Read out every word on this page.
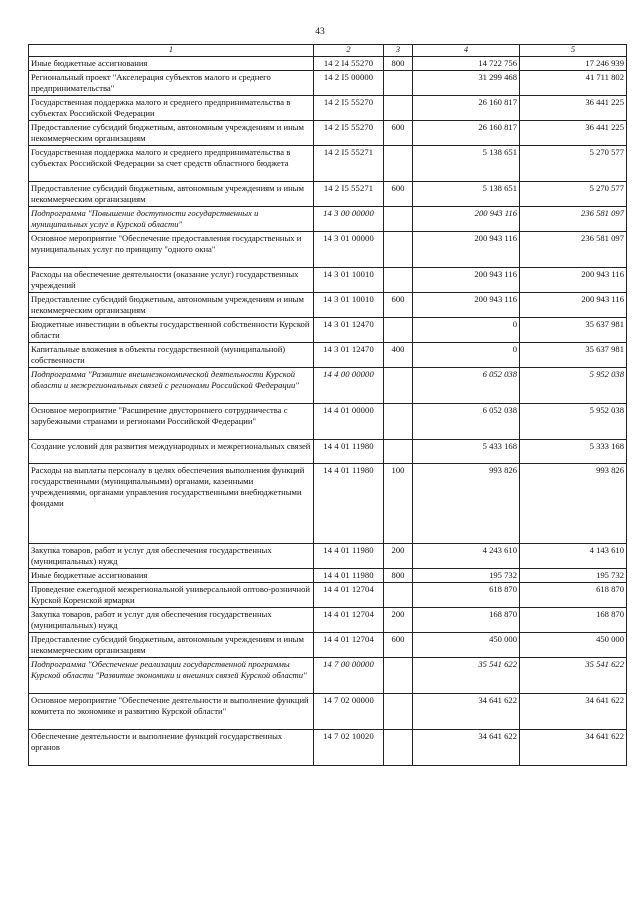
43
1	2	3	4	5
Иные бюджетные ассигнования	14 2 I4 55270	800	14 722 756	17 246 939
Региональный проект "Акселерация субъектов малого и среднего предпринимательства"	14 2 I5 00000		31 299 468	41 711 802
Государственная поддержка малого и среднего предпринимательства в субъектах Российской Федерации	14 2 I5 55270		26 160 817	36 441 225
Предоставление субсидий бюджетным, автономным учреждениям и иным некоммерческим организациям	14 2 I5 55270	600	26 160 817	36 441 225
Государственная поддержка малого и среднего предпринимательства в субъектах Российской Федерации за счет средств областного бюджета	14 2 I5 55271		5 138 651	5 270 577
Предоставление субсидий бюджетным, автономным учреждениям и иным некоммерческим организациям	14 2 I5 55271	600	5 138 651	5 270 577
Подпрограмма "Повышение доступности государственных и муниципальных услуг в Курской области"	14 3 00 00000		200 943 116	236 581 097
Основное мероприятие "Обеспечение предоставления государственных и муниципальных услуг по принципу "одного окна"	14 3 01 00000		200 943 116	236 581 097
Расходы на обеспечение деятельности (оказание услуг) государственных учреждений	14 3 01 10010		200 943 116	200 943 116
Предоставление субсидий бюджетным, автономным учреждениям и иным некоммерческим организациям	14 3 01 10010	600	200 943 116	200 943 116
Бюджетные инвестиции в объекты государственной собственности Курской области	14 3 01 12470		0	35 637 981
Капитальные вложения в объекты государственной (муниципальной) собственности	14 3 01 12470	400	0	35 637 981
Подпрограмма "Развитие внешнеэкономической деятельности Курской области и межрегиональных связей с регионами Российской Федерации"	14 4 00 00000		6 052 038	5 952 038
Основное мероприятие "Расширение двустороннего сотрудничества с зарубежными странами и регионами Российской Федерации"	14 4 01 00000		6 052 038	5 952 038
Создание условий для развития международных и межрегиональных связей	14 4 01 11980		5 433 168	5 333 168
Расходы на выплаты персоналу в целях обеспечения выполнения функций государственными (муниципальными) органами, казенными учреждениями, органами управления государственными внебюджетными фондами	14 4 01 11980	100	993 826	993 826
Закупка товаров, работ и услуг для обеспечения государственных (муниципальных) нужд	14 4 01 11980	200	4 243 610	4 143 610
Иные бюджетные ассигнования	14 4 01 11980	800	195 732	195 732
Проведение ежегодной межрегиональной универсальной оптово-розничной Курской Коренской ярмарки	14 4 01 12704		618 870	618 870
Закупка товаров, работ и услуг для обеспечения государственных (муниципальных) нужд	14 4 01 12704	200	168 870	168 870
Предоставление субсидий бюджетным, автономным учреждениям и иным некоммерческим организациям	14 4 01 12704	600	450 000	450 000
Подпрограмма "Обеспечение реализации государственной программы Курской области "Развитие экономики и внешних связей Курской области"	14 7 00 00000		35 541 622	35 541 622
Основное мероприятие "Обеспечение деятельности и выполнение функций комитета по экономике и развитию Курской области"	14 7 02 00000		34 641 622	34 641 622
Обеспечение деятельности и выполнение функций государственных органов	14 7 02 10020		34 641 622	34 641 622
